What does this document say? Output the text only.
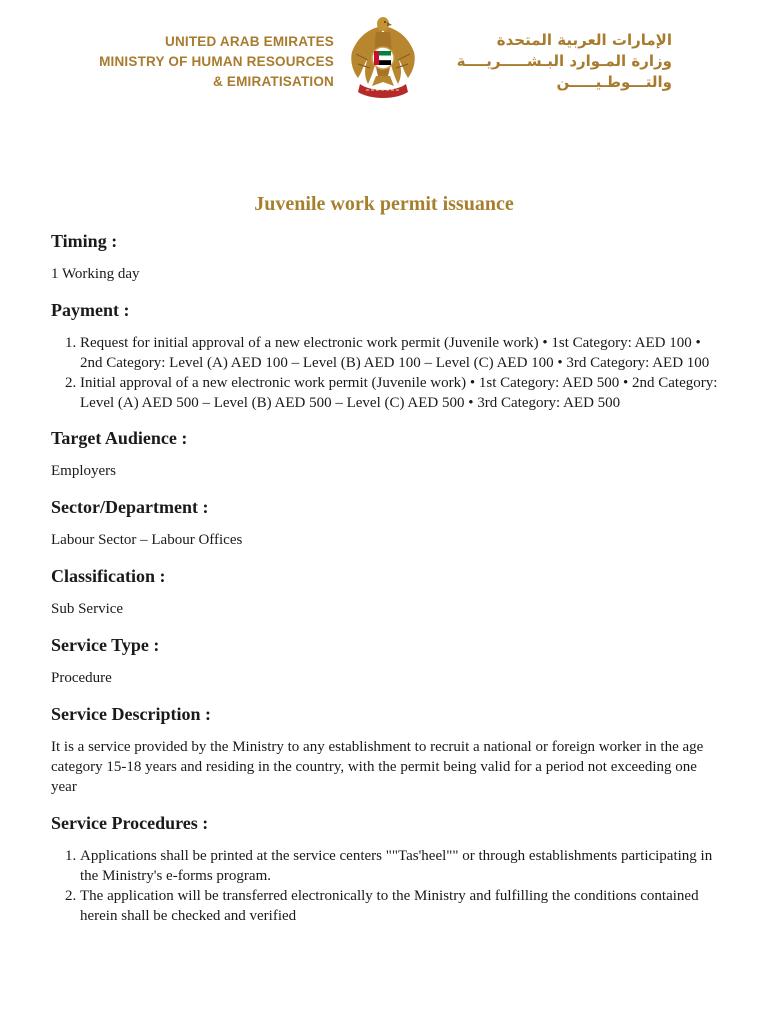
UNITED ARAB EMIRATES
MINISTRY OF HUMAN RESOURCES
& EMIRATISATION
الإمارات العربية المتحدة
وزارة المـوارد البـشـــــريــــة
والتـــوطـيـــــن
Juvenile work permit issuance
Timing :

1 Working day

Payment :
1. Request for initial approval of a new electronic work permit (Juvenile work) • 1st Category: AED 100 • 2nd Category: Level (A) AED 100 – Level (B) AED 100 – Level (C) AED 100 • 3rd Category: AED 100
2. Initial approval of a new electronic work permit (Juvenile work) • 1st Category: AED 500 • 2nd Category: Level (A) AED 500 – Level (B) AED 500 – Level (C) AED 500 • 3rd Category: AED 500
Target Audience :

Employers

Sector/Department :

Labour Sector – Labour Offices

Classification :

Sub Service

Service Type :

Procedure

Service Description :

It is a service provided by the Ministry to any establishment to recruit a national or foreign worker in the age category 15-18 years and residing in the country, with the permit being valid for a period not exceeding one year

Service Procedures :
1. Applications shall be printed at the service centers ""Tas'heel"" or through establishments participating in the Ministry's e-forms program.
2. The application will be transferred electronically to the Ministry and fulfilling the conditions contained herein shall be checked and verified
